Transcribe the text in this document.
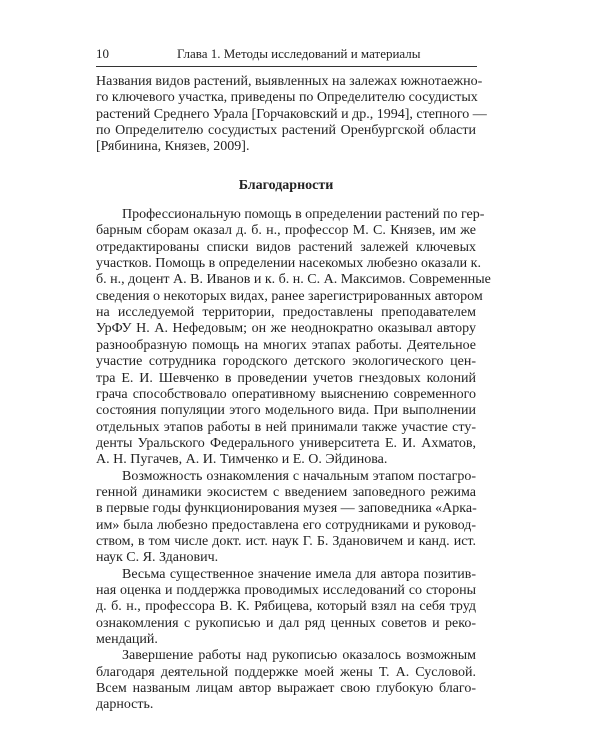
10	Глава 1. Методы исследований и материалы
Названия видов растений, выявленных на залежах южнотаежно-
го ключевого участка, приведены по Определителю сосудистых
растений Среднего Урала [Горчаковский и др., 1994], степного —
по Определителю сосудистых растений Оренбургской области
[Рябинина, Князев, 2009].
Благодарности
Профессиональную помощь в определении растений по гер-
барным сборам оказал д. б. н., профессор М. С. Князев, им же
отредактированы списки видов растений залежей ключевых
участков. Помощь в определении насекомых любезно оказали к.
б. н., доцент А. В. Иванов и к. б. н. С. А. Максимов. Современные
сведения о некоторых видах, ранее зарегистрированных автором
на исследуемой территории, предоставлены преподавателем
УрФУ Н. А. Нефедовым; он же неоднократно оказывал автору
разнообразную помощь на многих этапах работы. Деятельное
участие сотрудника городского детского экологического цен-
тра Е. И. Шевченко в проведении учетов гнездовых колоний
грача способствовало оперативному выяснению современного
состояния популяции этого модельного вида. При выполнении
отдельных этапов работы в ней принимали также участие сту-
денты Уральского Федерального университета Е. И. Ахматов,
А. Н. Пугачев, А. И. Тимченко и Е. О. Эйдинова.
Возможность ознакомления с начальным этапом постагро-
генной динамики экосистем с введением заповедного режима
в первые годы функционирования музея — заповедника «Арка-
им» была любезно предоставлена его сотрудниками и руковод-
ством, в том числе докт. ист. наук Г. Б. Здановичем и канд. ист.
наук С. Я. Зданович.
Весьма существенное значение имела для автора позитив-
ная оценка и поддержка проводимых исследований со стороны
д. б. н., профессора В. К. Рябицева, который взял на себя труд
ознакомления с рукописью и дал ряд ценных советов и реко-
мендаций.
Завершение работы над рукописью оказалось возможным
благодаря деятельной поддержке моей жены Т. А. Сусловой.
Всем названым лицам автор выражает свою глубокую благо-
дарность.
